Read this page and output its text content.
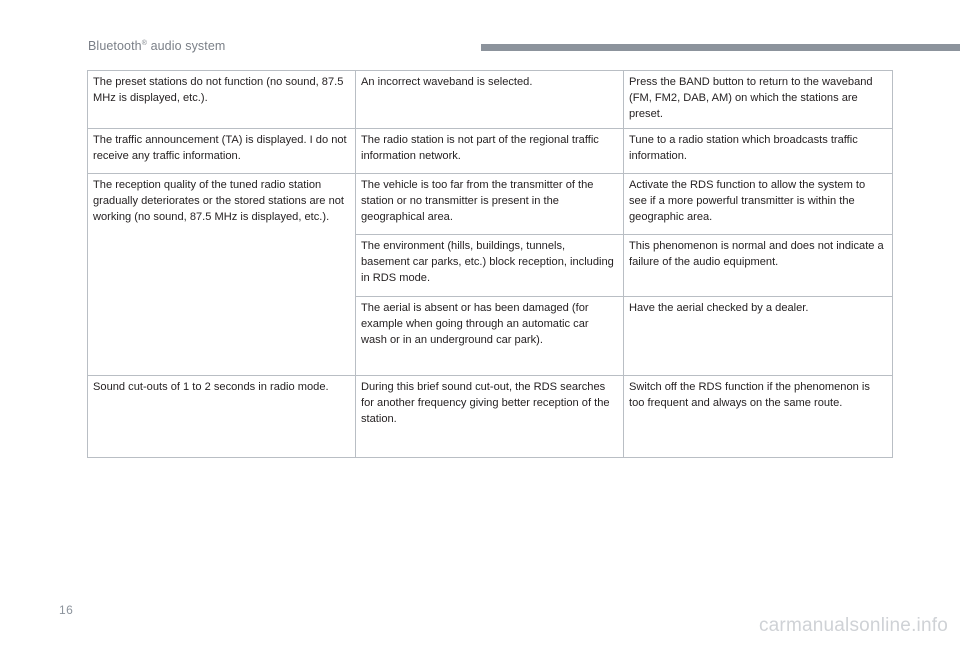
Bluetooth® audio system
The preset stations do not function (no sound, 87.5 MHz is displayed, etc.).	An incorrect waveband is selected.	Press the BAND button to return to the waveband (FM, FM2, DAB, AM) on which the stations are preset.
The traffic announcement (TA) is displayed. I do not receive any traffic information.	The radio station is not part of the regional traffic information network.	Tune to a radio station which broadcasts traffic information.
The reception quality of the tuned radio station gradually deteriorates or the stored stations are not working (no sound, 87.5 MHz is displayed, etc.).	The vehicle is too far from the transmitter of the station or no transmitter is present in the geographical area.	Activate the RDS function to allow the system to see if a more powerful transmitter is within the geographic area.
	The environment (hills, buildings, tunnels, basement car parks, etc.) block reception, including in RDS mode.	This phenomenon is normal and does not indicate a failure of the audio equipment.
	The aerial is absent or has been damaged (for example when going through an automatic car wash or in an underground car park).	Have the aerial checked by a dealer.
Sound cut-outs of 1 to 2 seconds in radio mode.	During this brief sound cut-out, the RDS searches for another frequency giving better reception of the station.	Switch off the RDS function if the phenomenon is too frequent and always on the same route.
16
carmanualsonline.info
